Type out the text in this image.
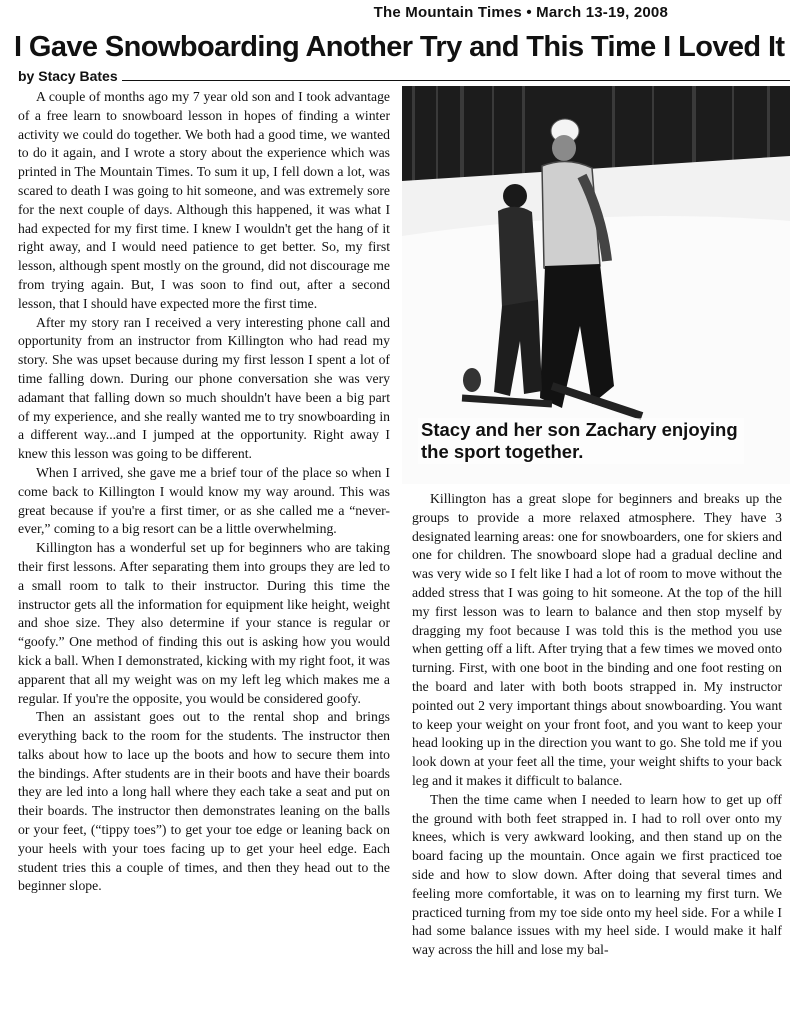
The Mountain Times • March 13-19, 2008
I Gave Snowboarding Another Try and This Time I Loved It
by Stacy Bates

A couple of months ago my 7 year old son and I took advantage of a free learn to snowboard lesson in hopes of finding a winter activity we could do together. We both had a good time, we wanted to do it again, and I wrote a story about the experience which was printed in The Mountain Times. To sum it up, I fell down a lot, was scared to death I was going to hit someone, and was extremely sore for the next couple of days. Although this happened, it was what I had expected for my first time. I knew I wouldn't get the hang of it right away, and I would need patience to get better. So, my first lesson, although spent mostly on the ground, did not discourage me from trying again. But, I was soon to find out, after a second lesson, that I should have expected more the first time.

After my story ran I received a very interesting phone call and opportunity from an instructor from Killington who had read my story. She was upset because during my first lesson I spent a lot of time falling down. During our phone conversation she was very adamant that falling down so much shouldn't have been a big part of my experience, and she really wanted me to try snowboarding in a different way...and I jumped at the opportunity. Right away I knew this lesson was going to be different.

When I arrived, she gave me a brief tour of the place so when I come back to Killington I would know my way around. This was great because if you're a first timer, or as she called me a “never-ever,” coming to a big resort can be a little overwhelming.

Killington has a wonderful set up for beginners who are taking their first lessons. After separating them into groups they are led to a small room to talk to their instructor. During this time the instructor gets all the information for equipment like height, weight and shoe size. They also determine if your stance is regular or “goofy.” One method of finding this out is asking how you would kick a ball. When I demonstrated, kicking with my right foot, it was apparent that all my weight was on my left leg which makes me a regular. If you're the opposite, you would be considered goofy.

Then an assistant goes out to the rental shop and brings everything back to the room for the students. The instructor then talks about how to lace up the boots and how to secure them into the bindings. After students are in their boots and have their boards they are led into a long hall where they each take a seat and put on their boards. The instructor then demonstrates leaning on the balls or your feet, (“tippy toes”) to get your toe edge or leaning back on your heels with your toes facing up to get your heel edge. Each student tries this a couple of times, and then they head out to the beginner slope.

Stacy and her son Zachary enjoying the sport together.

Killington has a great slope for beginners and breaks up the groups to provide a more relaxed atmosphere. They have 3 designated learning areas: one for snowboarders, one for skiers and one for children. The snowboard slope had a gradual decline and was very wide so I felt like I had a lot of room to move without the added stress that I was going to hit someone. At the top of the hill my first lesson was to learn to balance and then stop myself by dragging my foot because I was told this is the method you use when getting off a lift. After trying that a few times we moved onto turning. First, with one boot in the binding and one foot resting on the board and later with both boots strapped in. My instructor pointed out 2 very important things about snowboarding. You want to keep your weight on your front foot, and you want to keep your head looking up in the direction you want to go. She told me if you look down at your feet all the time, your weight shifts to your back leg and it makes it difficult to balance.

Then the time came when I needed to learn how to get up off the ground with both feet strapped in. I had to roll over onto my knees, which is very awkward looking, and then stand up on the board facing up the mountain. Once again we first practiced toe side and how to slow down. After doing that several times and feeling more comfortable, it was on to learning my first turn. We practiced turning from my toe side onto my heel side. For a while I had some balance issues with my heel side. I would make it half way across the hill and lose my bal-
